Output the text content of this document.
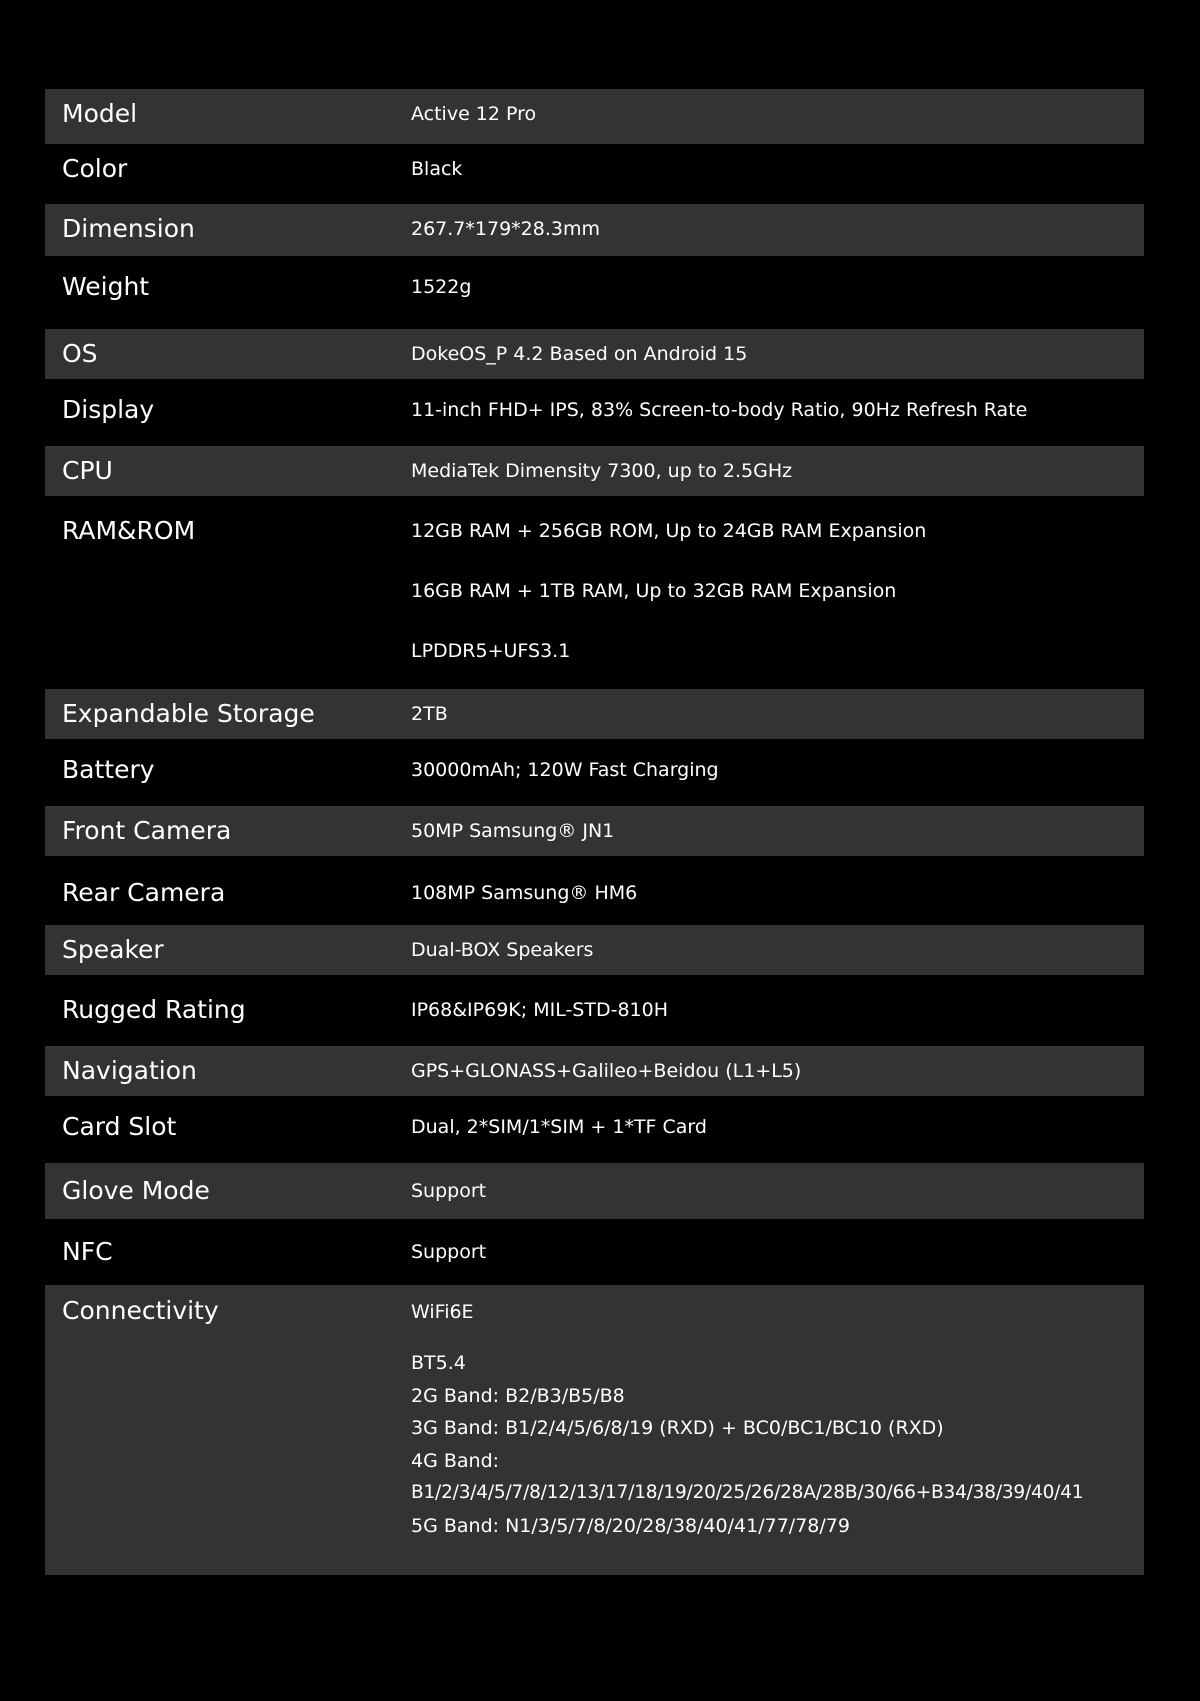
Model	Active 12 Pro
Color	Black
Dimension	267.7*179*28.3mm
Weight	1522g
OS	DokeOS_P 4.2 Based on Android 15
Display	11-inch FHD+ IPS, 83% Screen-to-body Ratio, 90Hz Refresh Rate
CPU	MediaTek Dimensity 7300, up to 2.5GHz
RAM&ROM	12GB RAM + 256GB ROM, Up to 24GB RAM Expansion
16GB RAM + 1TB RAM, Up to 32GB RAM Expansion
LPDDR5+UFS3.1
Expandable Storage	2TB
Battery	30000mAh; 120W Fast Charging
Front Camera	50MP Samsung® JN1
Rear Camera	108MP Samsung® HM6
Speaker	Dual-BOX Speakers
Rugged Rating	IP68&IP69K; MIL-STD-810H
Navigation	GPS+GLONASS+Galileo+Beidou (L1+L5)
Card Slot	Dual, 2*SIM/1*SIM + 1*TF Card
Glove Mode	Support
NFC	Support
Connectivity	WiFi6E
BT5.4
2G Band: B2/B3/B5/B8
3G Band: B1/2/4/5/6/8/19 (RXD) + BC0/BC1/BC10 (RXD)
4G Band:
B1/2/3/4/5/7/8/12/13/17/18/19/20/25/26/28A/28B/30/66+B34/38/39/40/41
5G Band: N1/3/5/7/8/20/28/38/40/41/77/78/79
